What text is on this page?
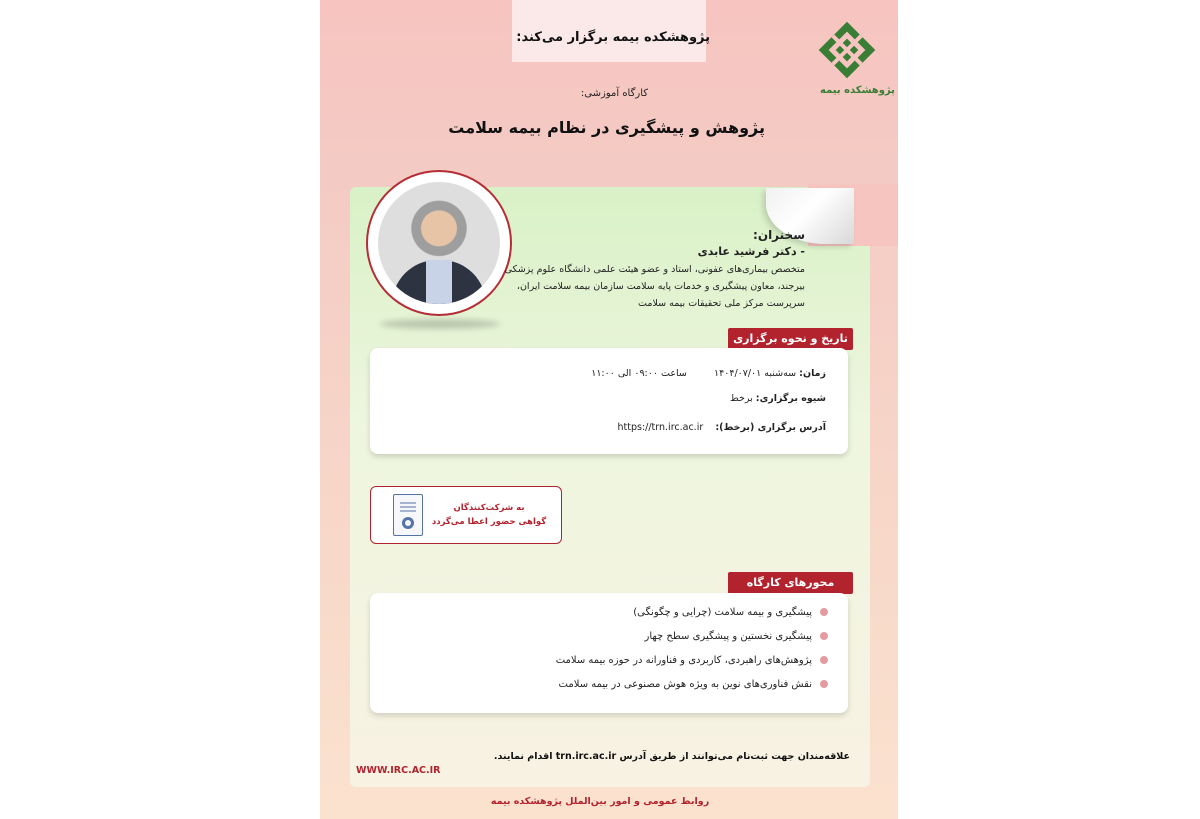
پژوهشکده بیمه برگزار می‌کند:
پژوهشکده بیمه
کارگاه آموزشی:
پژوهش و پیشگیری در نظام بیمه سلامت
سخنران:
- دکتر فرشید عابدی
متخصص بیماری‌های عفونی، استاد و عضو هیئت علمی دانشگاه علوم پزشکی
بیرجند، معاون پیشگیری و خدمات پایه سلامت سازمان بیمه سلامت ایران،
سرپرست مرکز ملی تحقیقات بیمه سلامت
تاریخ و نحوه برگزاری
زمان: سه‌شنبه ۱۴۰۴/۰۷/۰۱         ساعت ۰۹:۰۰ الی ۱۱:۰۰
شیوه برگزاری: برخط
آدرس برگزاری (برخط):    https://trn.irc.ac.ir
به شرکت‌کنندگان
گواهی حضور اعطا می‌گردد
محورهای کارگاه
پیشگیری و بیمه سلامت (چرایی و چگونگی)
پیشگیری نخستین و پیشگیری سطح چهار
پژوهش‌های راهبردی، کاربردی و فناورانه در حوزه بیمه سلامت
نقش فناوری‌های نوین به ویژه هوش مصنوعی در بیمه سلامت
علاقه‌مندان جهت ثبت‌نام می‌توانند از طریق آدرس trn.irc.ac.ir اقدام نمایند.
WWW.IRC.AC.IR
روابط عمومی و امور بین‌الملل پژوهشکده بیمه
